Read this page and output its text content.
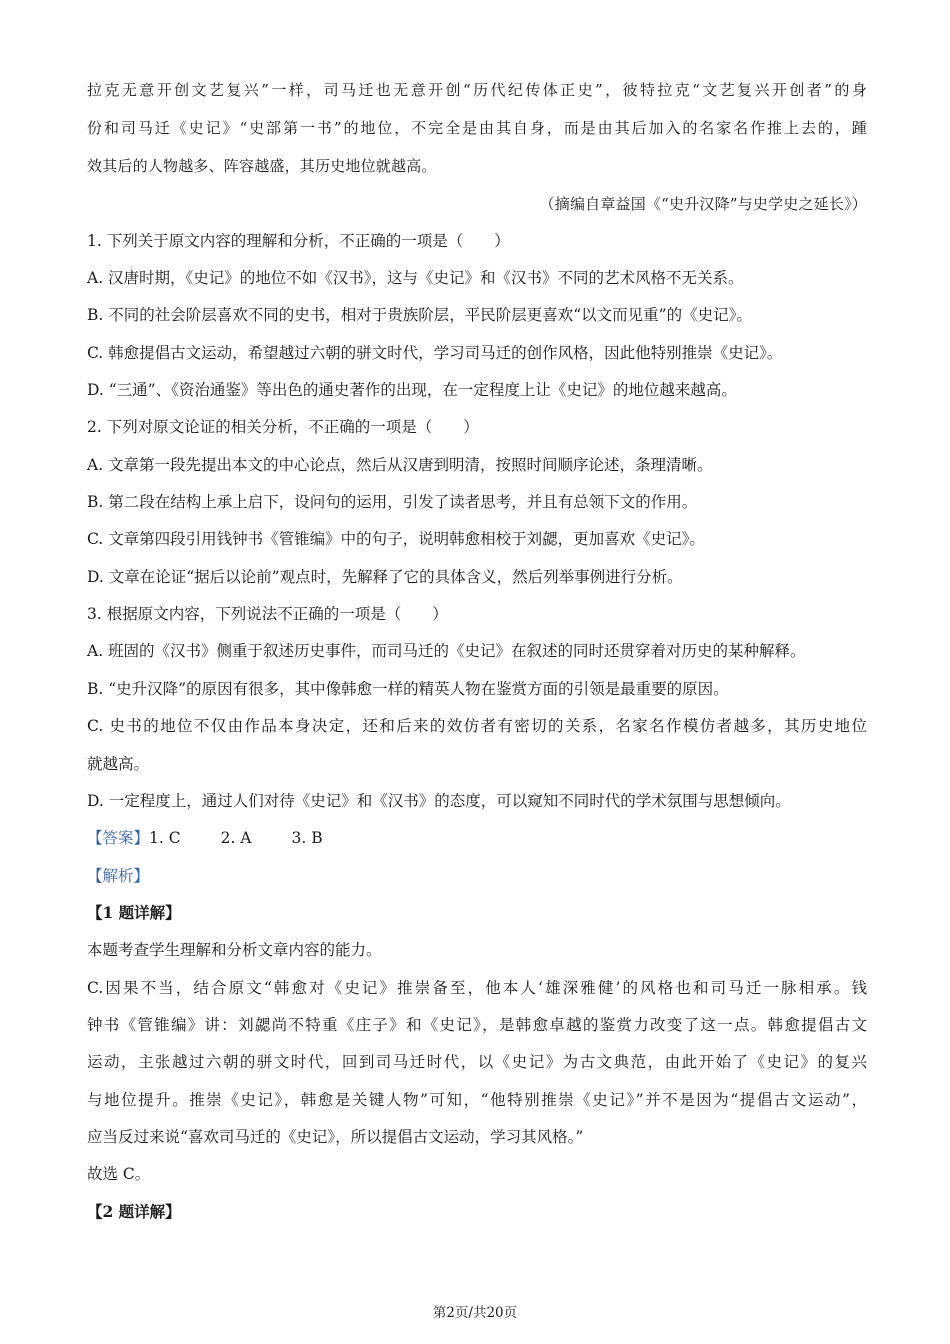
拉克无意开创文艺复兴”一样，司马迁也无意开创“历代纪传体正史”，彼特拉克“文艺复兴开创者”的身
份和司马迁《史记》“史部第一书”的地位，不完全是由其自身，而是由其后加入的名家名作推上去的，踵
效其后的人物越多、阵容越盛，其历史地位就越高。
（摘编自章益国《“史升汉降”与史学史之延长》）
1. 下列关于原文内容的理解和分析，不正确的一项是（　　）
A. 汉唐时期，《史记》的地位不如《汉书》，这与《史记》和《汉书》不同的艺术风格不无关系。
B. 不同的社会阶层喜欢不同的史书，相对于贵族阶层，平民阶层更喜欢“以文而见重”的《史记》。
C. 韩愈提倡古文运动，希望越过六朝的骈文时代，学习司马迁的创作风格，因此他特别推崇《史记》。
D. “三通”、《资治通鉴》等出色的通史著作的出现，在一定程度上让《史记》的地位越来越高。
2. 下列对原文论证的相关分析，不正确的一项是（　　）
A. 文章第一段先提出本文的中心论点，然后从汉唐到明清，按照时间顺序论述，条理清晰。
B. 第二段在结构上承上启下，设问句的运用，引发了读者思考，并且有总领下文的作用。
C. 文章第四段引用钱钟书《管锥编》中的句子，说明韩愈相校于刘勰，更加喜欢《史记》。
D. 文章在论证“据后以论前”观点时，先解释了它的具体含义，然后列举事例进行分析。
3. 根据原文内容，下列说法不正确的一项是（　　）
A. 班固的《汉书》侧重于叙述历史事件，而司马迁的《史记》在叙述的同时还贯穿着对历史的某种解释。
B. “史升汉降”的原因有很多，其中像韩愈一样的精英人物在鉴赏方面的引领是最重要的原因。
C. 史书的地位不仅由作品本身决定，还和后来的效仿者有密切的关系，名家名作模仿者越多，其历史地位
就越高。
D. 一定程度上，通过人们对待《史记》和《汉书》的态度，可以窥知不同时代的学术氛围与思想倾向。
【答案】1. C	2. A	3. B
【解析】
【1 题详解】
本题考查学生理解和分析文章内容的能力。
C.因果不当，结合原文“韩愈对《史记》推崇备至，他本人‘雄深雅健’的风格也和司马迁一脉相承。钱
钟书《管锥编》讲：刘勰尚不特重《庄子》和《史记》，是韩愈卓越的鉴赏力改变了这一点。韩愈提倡古文
运动，主张越过六朝的骈文时代，回到司马迁时代，以《史记》为古文典范，由此开始了《史记》的复兴
与地位提升。推崇《史记》，韩愈是关键人物”可知，“他特别推崇《史记》”并不是因为“提倡古文运动”，
应当反过来说“喜欢司马迁的《史记》，所以提倡古文运动，学习其风格。”
故选 C。
【2 题详解】
第2页/共20页
